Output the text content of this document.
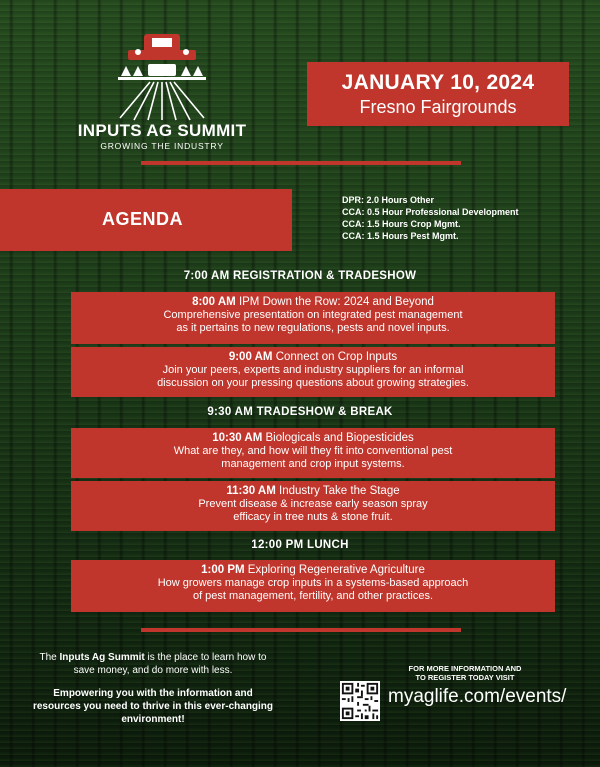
INPUTS AG SUMMIT
GROWING THE INDUSTRY
JANUARY 10, 2024
Fresno Fairgrounds
AGENDA
DPR: 2.0 Hours Other
CCA: 0.5 Hour Professional Development
CCA: 1.5 Hours Crop Mgmt.
CCA: 1.5 Hours Pest Mgmt.
7:00 AM REGISTRATION & TRADESHOW
8:00 AM IPM Down the Row: 2024 and Beyond
Comprehensive presentation on integrated pest management
as it pertains to new regulations, pests and novel inputs.
9:00 AM Connect on Crop Inputs
Join your peers, experts and industry suppliers for an informal
discussion on your pressing questions about growing strategies.
9:30 AM TRADESHOW & BREAK
10:30 AM Biologicals and Biopesticides
What are they, and how will they fit into conventional pest
management and crop input systems.
11:30 AM Industry Take the Stage
Prevent disease & increase early season spray
efficacy in tree nuts & stone fruit.
12:00 PM LUNCH
1:00 PM Exploring Regenerative Agriculture
How growers manage crop inputs in a systems-based approach
of pest management, fertility, and other practices.
The Inputs Ag Summit is the place to learn how to save money, and do more with less.
Empowering you with the information and resources you need to thrive in this ever-changing environment!
FOR MORE INFORMATION AND
TO REGISTER TODAY VISIT
myaglife.com/events/
